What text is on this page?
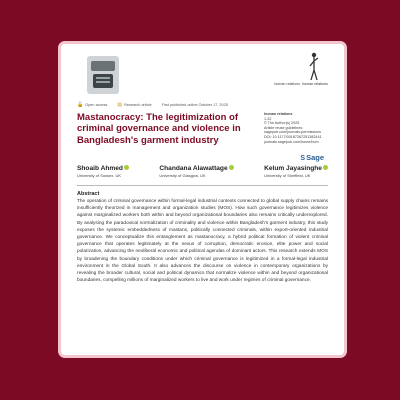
human relations human relations
🔓 Open access ▤ Research article	First published online October 17, 2025
Mastanocracy: The legitimization of criminal governance and violence in Bangladesh's garment industry
human relations
1-32
© The Author(s) 2025
Article reuse guidelines:
sagepub.com/journals-permissions
DOI: 10.1177/00187267251382441
journals.sagepub.com/home/hum
SSage
Shoaib Ahmed
University of Sussex, UK
Chandana Alawattage
University of Glasgow, UK
Kelum Jayasinghe
University of Sheffield, UK
Abstract
The operation of criminal governance within formal-legal industrial contexts connected to global supply chains remains insufficiently theorized in management and organization studies (MOS). How such governance legitimizes violence against marginalized workers both within and beyond organizational boundaries also remains critically underexplored. By analysing the paradoxical normalization of criminality and violence within Bangladesh's garment industry, this study exposes the systemic embeddedness of mastans, politically connected criminals, within export-oriented industrial governance. We conceptualize this entanglement as mastanocracy, a hybrid political formation of violent criminal governance that operates legitimately at the nexus of corruption, democratic erosion, elite power and social polarization, advancing the neoliberal economic and political agendas of dominant actors. This research extends MOS by broadening the boundary conditions under which criminal governance is legitimized in a formal-legal industrial environment in the Global South. It also advances the discourse on violence in contemporary organizations by revealing the broader cultural, social and political dynamics that normalize violence within and beyond organizational boundaries, compelling millions of marginalized workers to live and work under regimes of criminal governance.
